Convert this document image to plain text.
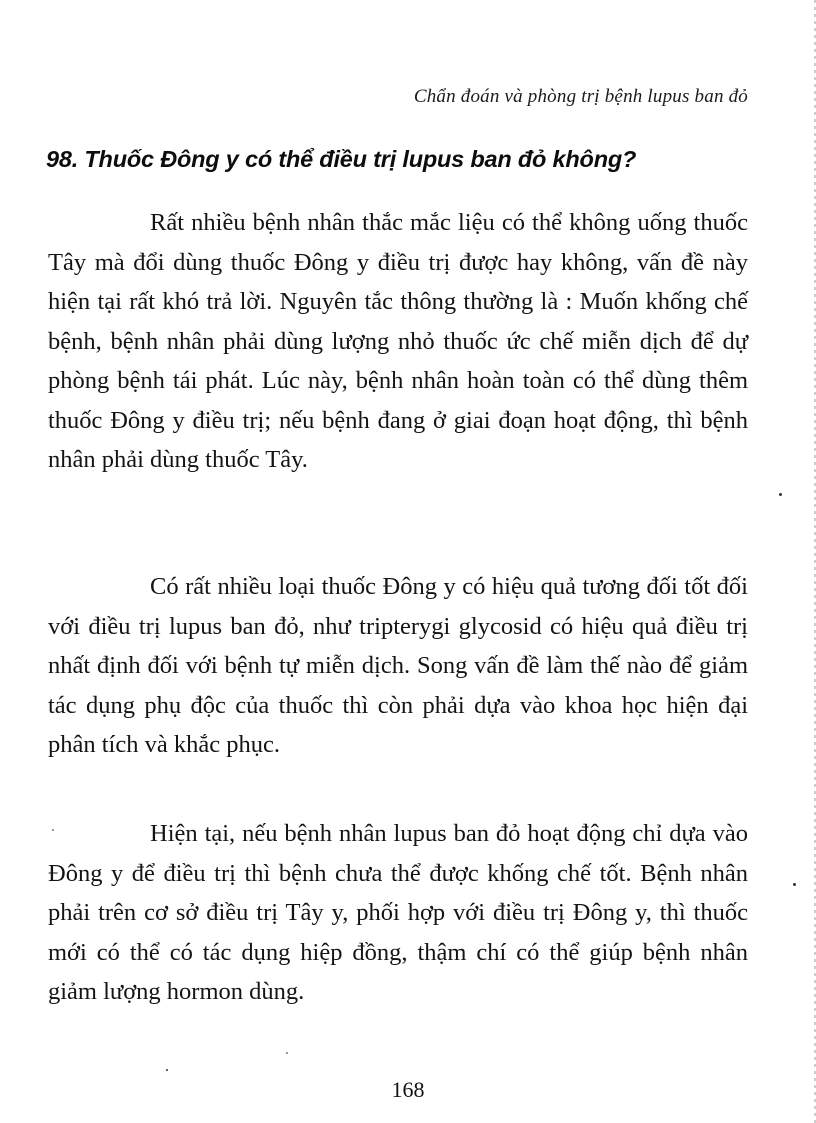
Chẩn đoán và phòng trị bệnh lupus ban đỏ
98. Thuốc Đông y có thể điều trị lupus ban đỏ không?

Rất nhiều bệnh nhân thắc mắc liệu có thể không uống thuốc Tây mà đổi dùng thuốc Đông y điều trị được hay không, vấn đề này hiện tại rất khó trả lời. Nguyên tắc thông thường là : Muốn khống chế bệnh, bệnh nhân phải dùng lượng nhỏ thuốc ức chế miễn dịch để dự phòng bệnh tái phát. Lúc này, bệnh nhân hoàn toàn có thể dùng thêm thuốc Đông y điều trị; nếu bệnh đang ở giai đoạn hoạt động, thì bệnh nhân phải dùng thuốc Tây.

Có rất nhiều loại thuốc Đông y có hiệu quả tương đối tốt đối với điều trị lupus ban đỏ, như tripterygi glycosid có hiệu quả điều trị nhất định đối với bệnh tự miễn dịch. Song vấn đề làm thế nào để giảm tác dụng phụ độc của thuốc thì còn phải dựa vào khoa học hiện đại phân tích và khắc phục.

Hiện tại, nếu bệnh nhân lupus ban đỏ hoạt động chỉ dựa vào Đông y để điều trị thì bệnh chưa thể được khống chế tốt. Bệnh nhân phải trên cơ sở điều trị Tây y, phối hợp với điều trị Đông y, thì thuốc mới có thể có tác dụng hiệp đồng, thậm chí có thể giúp bệnh nhân giảm lượng hormon dùng.

168
